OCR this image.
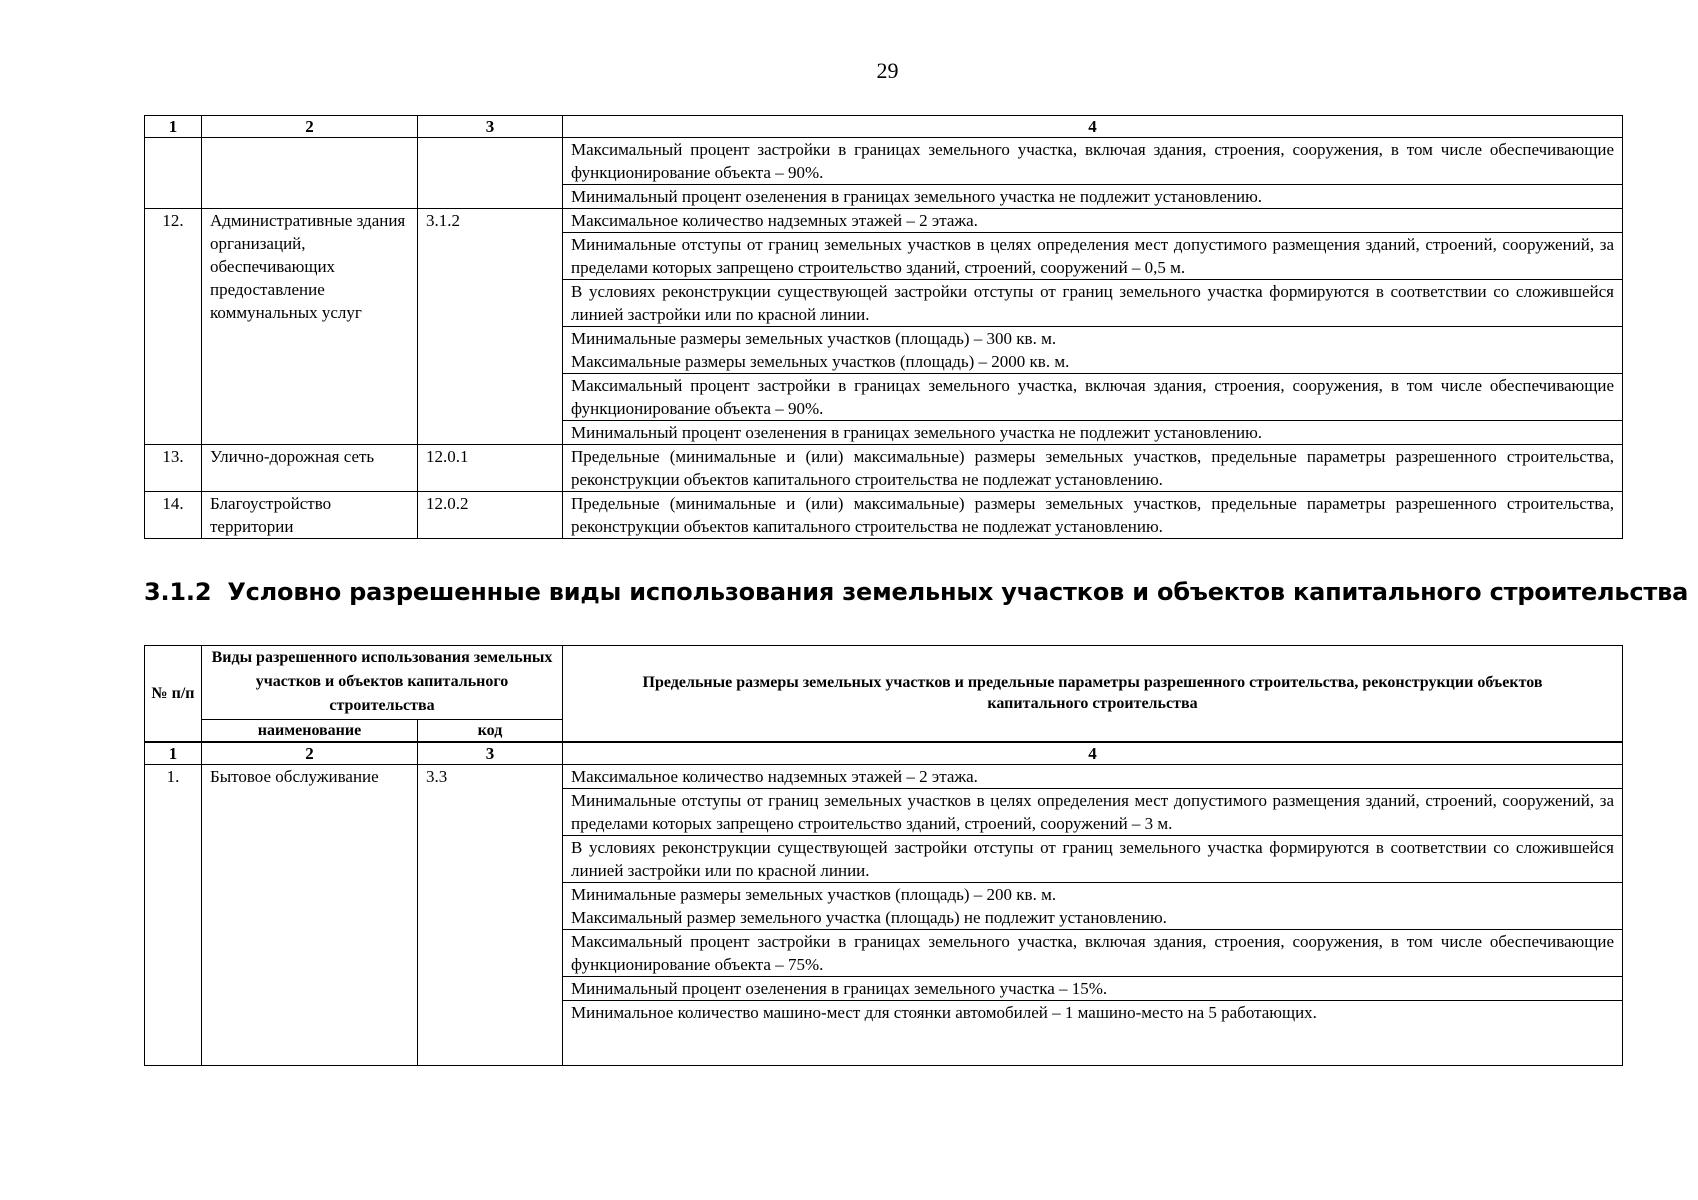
29
1	2	3	4
			Максимальный процент застройки в границах земельного участка, включая здания, строения, сооружения, в том числе обеспечивающие функционирование объекта – 90%.
			Минимальный процент озеленения в границах земельного участка не подлежит установлению.
12.	Административные здания организаций, обеспечивающих предоставление коммунальных услуг	3.1.2	Максимальное количество надземных этажей – 2 этажа.
			Минимальные отступы от границ земельных участков в целях определения мест допустимого размещения зданий, строений, сооружений, за пределами которых запрещено строительство зданий, строений, сооружений – 0,5 м.
			В условиях реконструкции существующей застройки отступы от границ земельного участка формируются в соответствии со сложившейся линией застройки или по красной линии.

			Минимальные размеры земельных участков (площадь) – 300 кв. м.
Максимальные размеры земельных участков (площадь) – 2000 кв. м.

			Максимальный процент застройки в границах земельного участка, включая здания, строения, сооружения, в том числе обеспечивающие функционирование объекта – 90%.
			Минимальный процент озеленения в границах земельного участка не подлежит установлению.
13.	Улично-дорожная сеть	12.0.1	Предельные (минимальные и (или) максимальные) размеры земельных участков, предельные параметры разрешенного строительства, реконструкции объектов капитального строительства не подлежат установлению.
14.	Благоустройство территории	12.0.2	Предельные (минимальные и (или) максимальные) размеры земельных участков, предельные параметры разрешенного строительства, реконструкции объектов капитального строительства не подлежат установлению.
3.1.2 Условно разрешенные виды использования земельных участков и объектов капитального строительства
№ п/п	Виды разрешенного использования земельных участков и объектов капитального строительства		Предельные размеры земельных участков и предельные параметры разрешенного строительства, реконструкции объектов капитального строительства
	наименование	код	

1	2	3	4
1.	Бытовое обслуживание	3.3	Максимальное количество надземных этажей – 2 этажа.
			Минимальные отступы от границ земельных участков в целях определения мест допустимого размещения зданий, строений, сооружений, за пределами которых запрещено строительство зданий, строений, сооружений – 3 м.
			В условиях реконструкции существующей застройки отступы от границ земельного участка формируются в соответствии со сложившейся линией застройки или по красной линии.

			Минимальные размеры земельных участков (площадь) – 200 кв. м.
Максимальный размер земельного участка (площадь) не подлежит установлению.

			Максимальный процент застройки в границах земельного участка, включая здания, строения, сооружения, в том числе обеспечивающие функционирование объекта – 75%.
			Минимальный процент озеленения в границах земельного участка – 15%.
			Минимальное количество машино-мест для стоянки автомобилей – 1 машино-место на 5 работающих.
